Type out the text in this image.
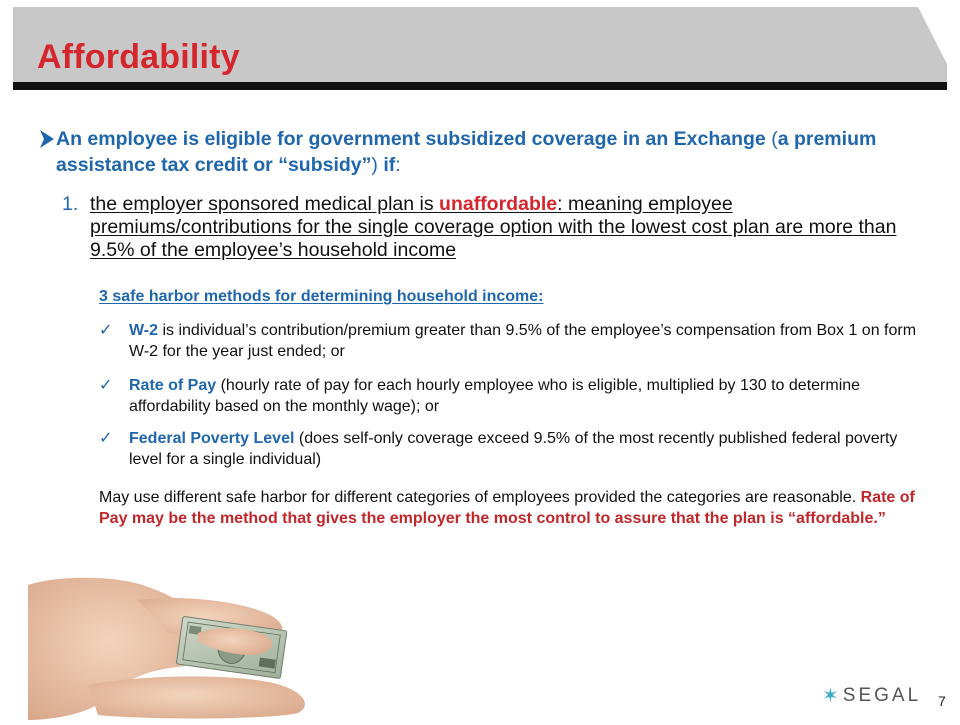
Affordability
An employee is eligible for government subsidized coverage in an Exchange (a premium assistance tax credit or “subsidy”) if:
1. the employer sponsored medical plan is unaffordable: meaning employee premiums/contributions for the single coverage option with the lowest cost plan are more than 9.5% of the employee’s household income
3 safe harbor methods for determining household income:
✓	W-2 is individual’s contribution/premium greater than 9.5% of the employee’s compensation from Box 1 on form W-2 for the year just ended; or
✓	Rate of Pay (hourly rate of pay for each hourly employee who is eligible, multiplied by 130 to determine affordability based on the monthly wage); or
✓	Federal Poverty Level (does self-only coverage exceed 9.5% of the most recently published federal poverty level for a single individual)
May use different safe harbor for different categories of employees provided the categories are reasonable. Rate of Pay may be the method that gives the employer the most control to assure that the plan is “affordable.”
✶ SEGAL 7
